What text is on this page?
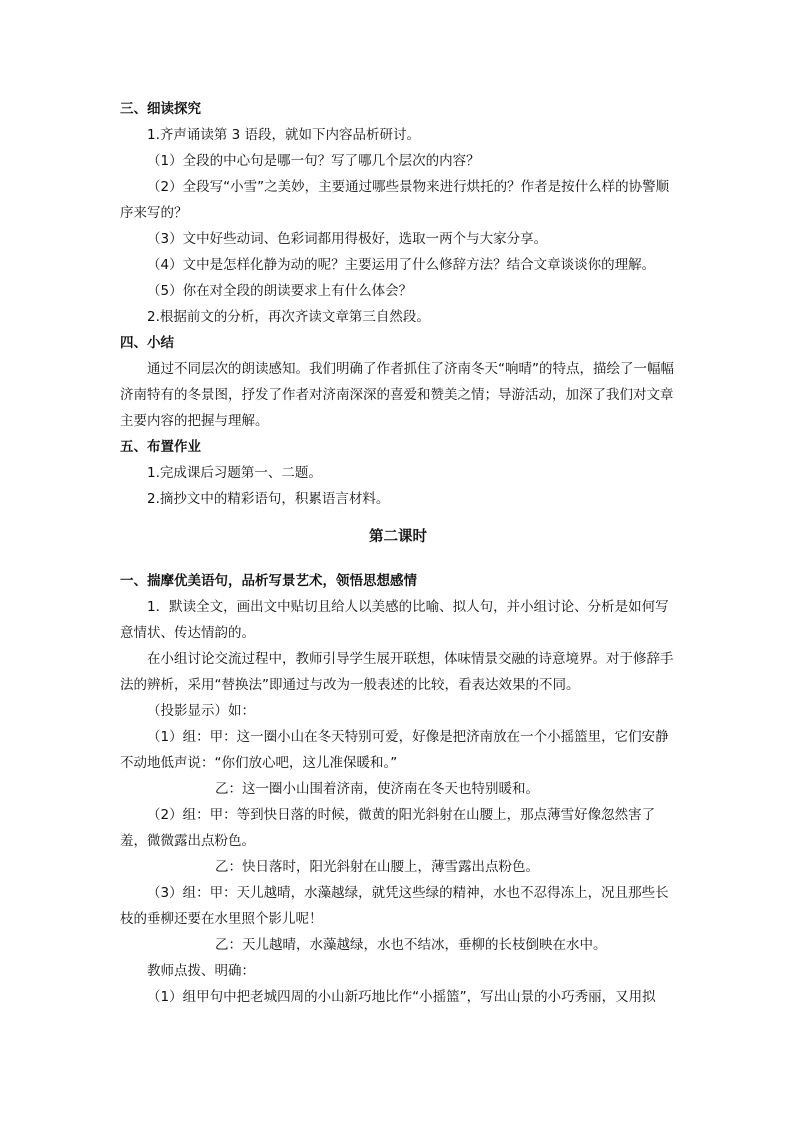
三、细读探究

1.齐声诵读第 3 语段，就如下内容品析研讨。

（1）全段的中心句是哪一句？写了哪几个层次的内容？

（2）全段写“小雪”之美妙，主要通过哪些景物来进行烘托的？作者是按什么样的协警顺序来写的？

（3）文中好些动词、色彩词都用得极好，选取一两个与大家分享。

（4）文中是怎样化静为动的呢？主要运用了什么修辞方法？结合文章谈谈你的理解。

（5）你在对全段的朗读要求上有什么体会？

2.根据前文的分析，再次齐读文章第三自然段。

四、小结

通过不同层次的朗读感知。我们明确了作者抓住了济南冬天“响晴”的特点，描绘了一幅幅济南特有的冬景图，抒发了作者对济南深深的喜爱和赞美之情；导游活动，加深了我们对文章主要内容的把握与理解。

五、布置作业

1.完成课后习题第一、二题。

2.摘抄文中的精彩语句，积累语言材料。

第二课时

一、揣摩优美语句，品析写景艺术，领悟思想感情

1．默读全文，画出文中贴切且给人以美感的比喻、拟人句，并小组讨论、分析是如何写意情状、传达情韵的。

在小组讨论交流过程中，教师引导学生展开联想，体味情景交融的诗意境界。对于修辞手法的辨析，采用“替换法”即通过与改为一般表述的比较，看表达效果的不同。

（投影显示）如：

（1）组：甲：这一圈小山在冬天特别可爱，好像是把济南放在一个小摇篮里，它们安静不动地低声说：“你们放心吧，这儿准保暖和。”

乙：这一圈小山围着济南，使济南在冬天也特别暖和。

（2）组：甲：等到快日落的时候，微黄的阳光斜射在山腰上，那点薄雪好像忽然害了羞，微微露出点粉色。

乙：快日落时，阳光斜射在山腰上，薄雪露出点粉色。

（3）组：甲：天儿越晴，水藻越绿，就凭这些绿的精神，水也不忍得冻上，况且那些长枝的垂柳还要在水里照个影儿呢！

乙：天儿越晴，水藻越绿，水也不结冰，垂柳的长枝倒映在水中。

教师点拨、明确：

（1）组甲句中把老城四周的小山新巧地比作“小摇篮”，写出山景的小巧秀丽，又用拟
